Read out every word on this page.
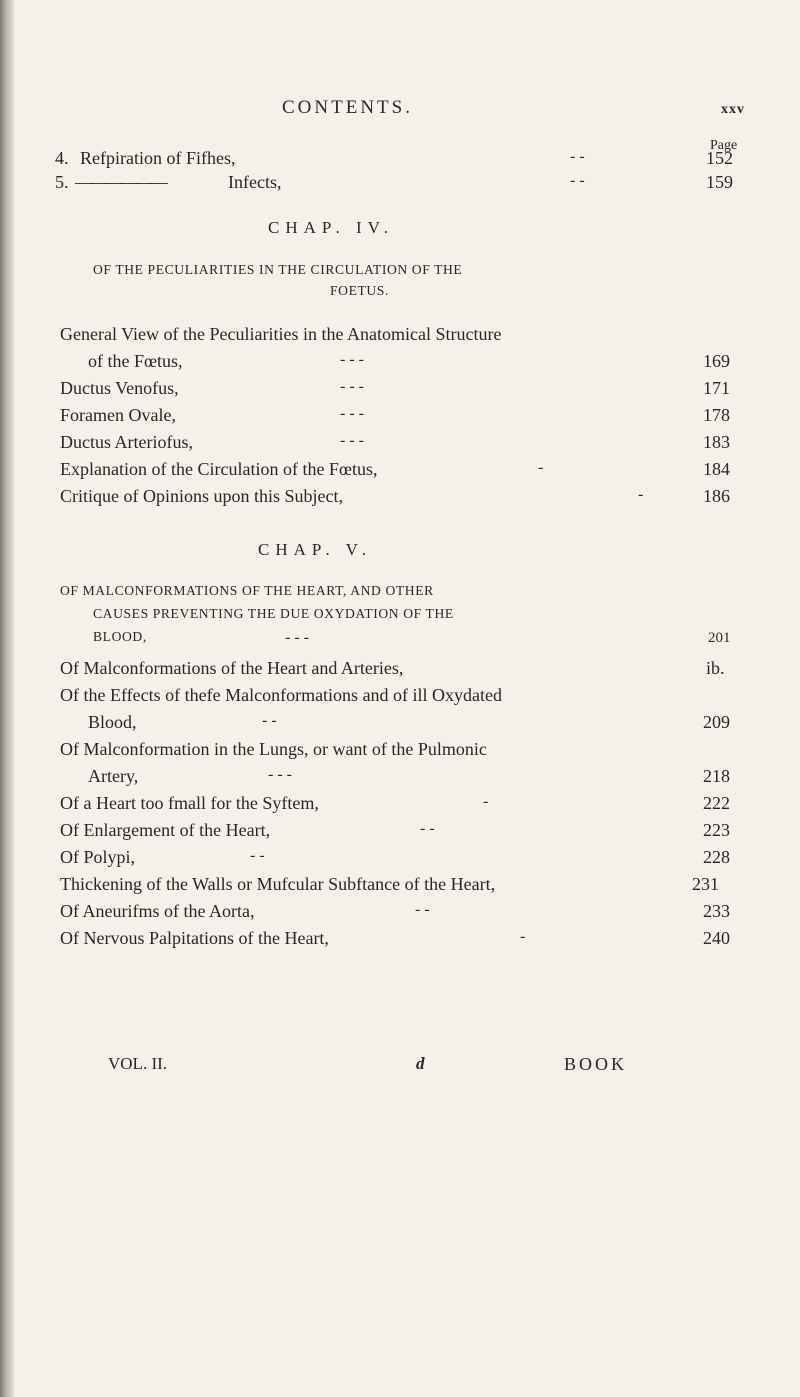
CONTENTS.	xxv
Page
4. Refpiration of Fifhes,	- -	152
5. ——————	Infects,	- -	159
CHAP. IV.
OF THE PECULIARITIES IN THE CIRCULATION OF THE
FOETUS.
General View of the Peculiarities in the Anatomical Structure
of the Fœtus,	- - -	169
Ductus Venofus,	- - -	171
Foramen Ovale,	- - -	178
Ductus Arteriofus,	- - -	183
Explanation of the Circulation of the Fœtus,	-	184
Critique of Opinions upon this Subject,	-	186
CHAP. V.
OF MALCONFORMATIONS OF THE HEART, AND OTHER
CAUSES PREVENTING THE DUE OXYDATION OF THE
BLOOD,	- - -	201
Of Malconformations of the Heart and Arteries,	ib.
Of the Effects of thefe Malconformations and of ill Oxydated
Blood,	- -	209
Of Malconformation in the Lungs, or want of the Pulmonic
Artery,	- - -	218
Of a Heart too fmall for the Syftem,	-	222
Of Enlargement of the Heart,	- -	223
Of Polypi,	- -	228
Thickening of the Walls or Mufcular Subftance of the Heart,	231
Of Aneurifms of the Aorta,	- -	233
Of Nervous Palpitations of the Heart,	-	240
VOL. II.	d	BOOK
